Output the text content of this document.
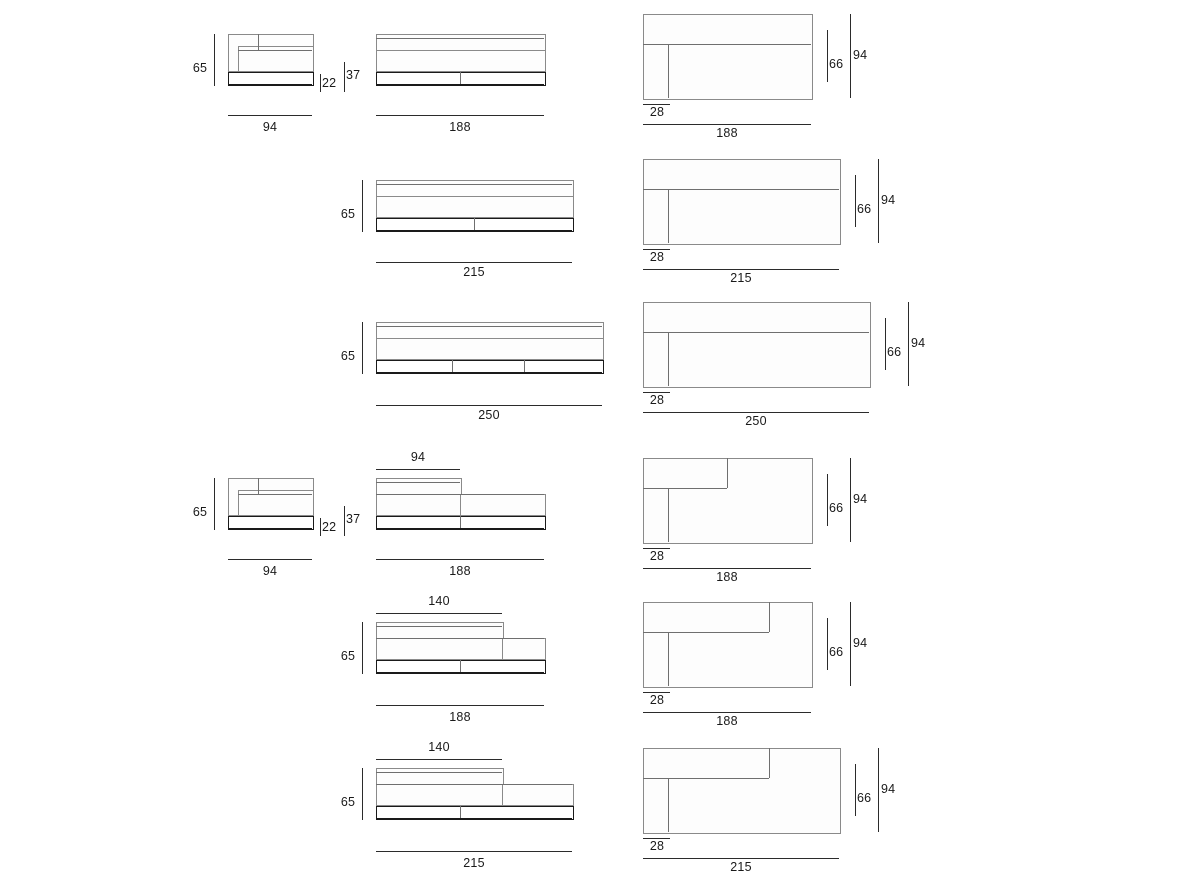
65
22
37
94	188
66
94
28
188
65
215
66
94
28
215
65
250
66
94
28
250
65
22
37
94
94
188
66
94
28
188
140
65
188
66
94
28
188
140
65
215
66
94
28
215
